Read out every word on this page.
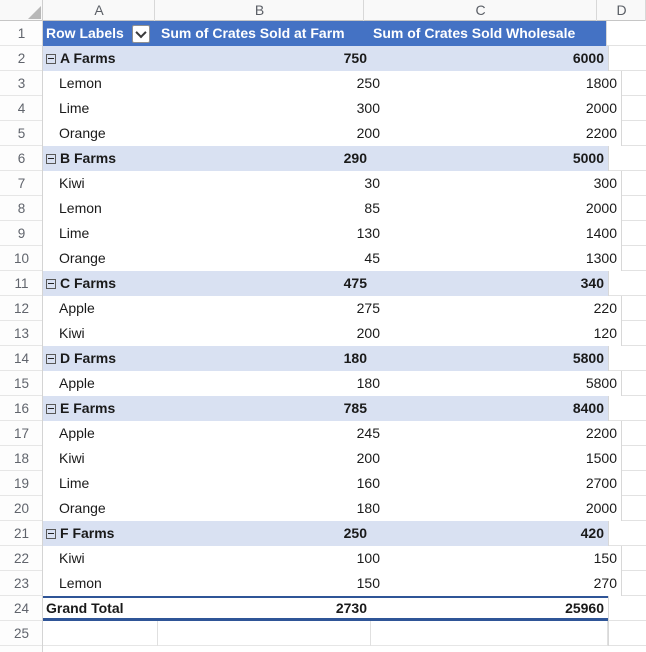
A	B	C	D
1	Row Labels	Sum of Crates Sold at Farm	Sum of Crates Sold Wholesale
2	A Farms	750	6000
3	Lemon	250	1800
4	Lime	300	2000
5	Orange	200	2200
6	B Farms	290	5000
7	Kiwi	30	300
8	Lemon	85	2000
9	Lime	130	1400
10	Orange	45	1300
11	C Farms	475	340
12	Apple	275	220
13	Kiwi	200	120
14	D Farms	180	5800
15	Apple	180	5800
16	E Farms	785	8400
17	Apple	245	2200
18	Kiwi	200	1500
19	Lime	160	2700
20	Orange	180	2000
21	F Farms	250	420
22	Kiwi	100	150
23	Lemon	150	270
24	Grand Total	2730	25960
25
